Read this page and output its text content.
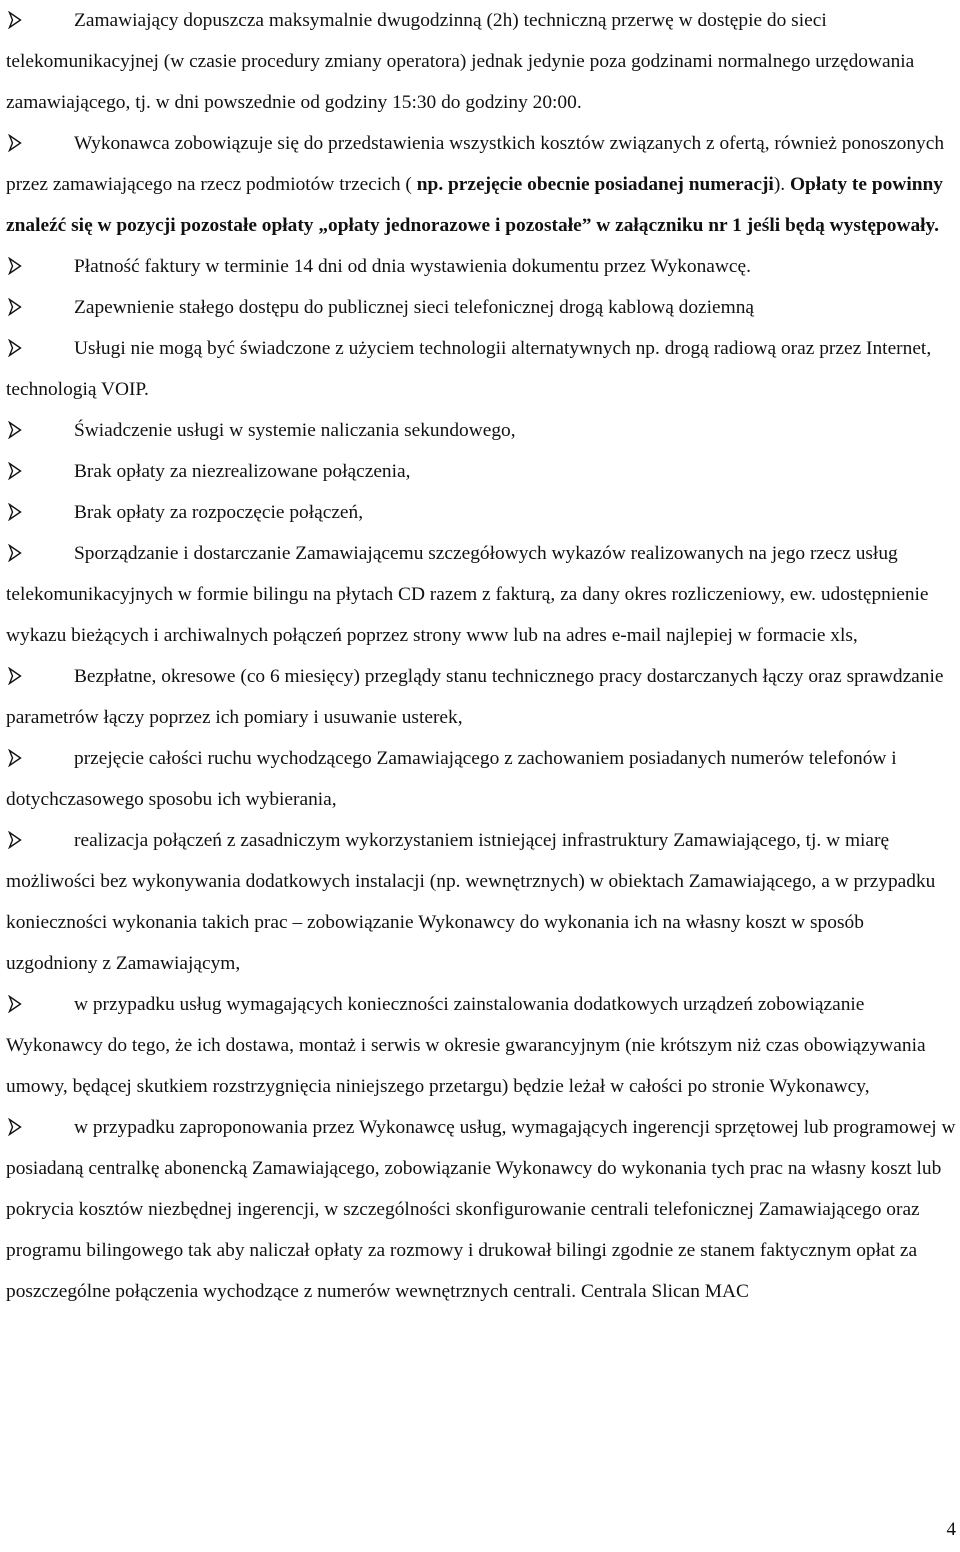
Zamawiający dopuszcza maksymalnie dwugodzinną (2h) techniczną przerwę w dostępie do sieci telekomunikacyjnej (w czasie procedury zmiany operatora) jednak jedynie poza godzinami normalnego urzędowania zamawiającego, tj. w dni powszednie od godziny 15:30 do godziny 20:00.

Wykonawca zobowiązuje się do przedstawienia wszystkich kosztów związanych z ofertą, również ponoszonych przez zamawiającego na rzecz podmiotów trzecich ( np. przejęcie obecnie posiadanej numeracji). Opłaty te powinny znaleźć się w pozycji pozostałe opłaty „opłaty jednorazowe i pozostałe” w załączniku nr 1 jeśli będą występowały.

Płatność faktury w terminie 14 dni od dnia wystawienia dokumentu przez Wykonawcę.

Zapewnienie stałego dostępu do publicznej sieci telefonicznej drogą kablową doziemną

Usługi nie mogą być świadczone z użyciem technologii alternatywnych np. drogą radiową oraz przez Internet, technologią VOIP.

Świadczenie usługi w systemie naliczania sekundowego,

Brak opłaty za niezrealizowane połączenia,

Brak opłaty za rozpoczęcie połączeń,

Sporządzanie i dostarczanie Zamawiającemu szczegółowych wykazów realizowanych na jego rzecz usług telekomunikacyjnych w formie bilingu na płytach CD razem z fakturą, za dany okres rozliczeniowy, ew. udostępnienie wykazu bieżących i archiwalnych połączeń poprzez strony www lub na adres e-mail najlepiej w formacie xls,

Bezpłatne, okresowe (co 6 miesięcy) przeglądy stanu technicznego pracy dostarczanych łączy oraz sprawdzanie parametrów łączy poprzez ich pomiary i usuwanie usterek,

przejęcie całości ruchu wychodzącego Zamawiającego z zachowaniem posiadanych numerów telefonów i dotychczasowego sposobu ich wybierania,

realizacja połączeń z zasadniczym wykorzystaniem istniejącej infrastruktury Zamawiającego, tj. w miarę możliwości bez wykonywania dodatkowych instalacji (np. wewnętrznych) w obiektach Zamawiającego, a w przypadku konieczności wykonania takich prac – zobowiązanie Wykonawcy do wykonania ich na własny koszt w sposób uzgodniony z Zamawiającym,

w przypadku usług wymagających konieczności zainstalowania dodatkowych urządzeń zobowiązanie Wykonawcy do tego, że ich dostawa, montaż i serwis w okresie gwarancyjnym (nie krótszym niż czas obowiązywania umowy, będącej skutkiem rozstrzygnięcia niniejszego przetargu) będzie leżał w całości po stronie Wykonawcy,

w przypadku zaproponowania przez Wykonawcę usług, wymagających ingerencji sprzętowej lub programowej w posiadaną centralkę abonencką Zamawiającego, zobowiązanie Wykonawcy do wykonania tych prac na własny koszt lub pokrycia kosztów niezbędnej ingerencji, w szczególności skonfigurowanie centrali telefonicznej Zamawiającego oraz programu bilingowego tak aby naliczał opłaty za rozmowy i drukował bilingi zgodnie ze stanem faktycznym opłat za poszczególne połączenia wychodzące z numerów wewnętrznych centrali. Centrala Slican MAC

4
